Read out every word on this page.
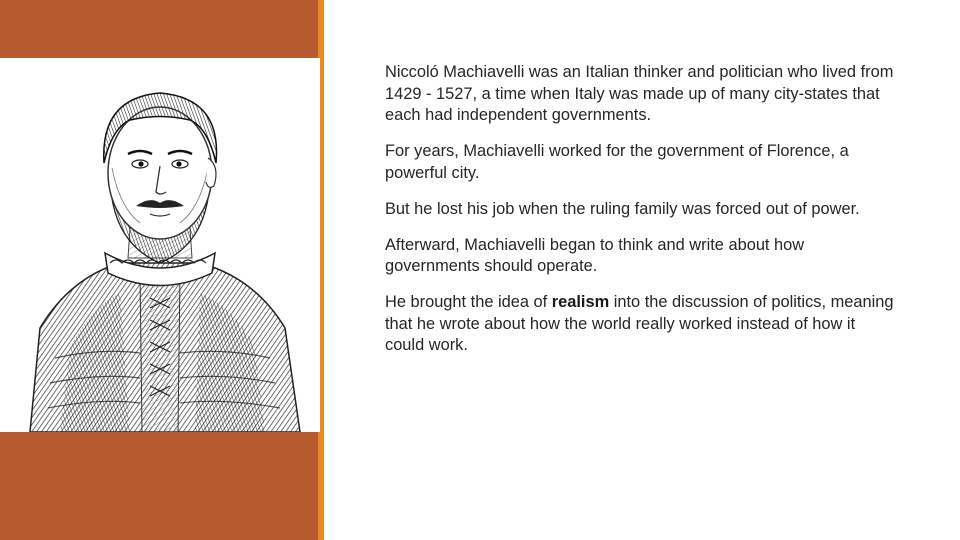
Niccoló Machiavelli was an Italian thinker and politician who lived from 1429 - 1527, a time when Italy was made up of many city-states that each had independent governments.

For years, Machiavelli worked for the government of Florence, a powerful city.

But he lost his job when the ruling family was forced out of power.

Afterward, Machiavelli began to think and write about how governments should operate.

He brought the idea of realism into the discussion of politics, meaning that he wrote about how the world really worked instead of how it could work.
